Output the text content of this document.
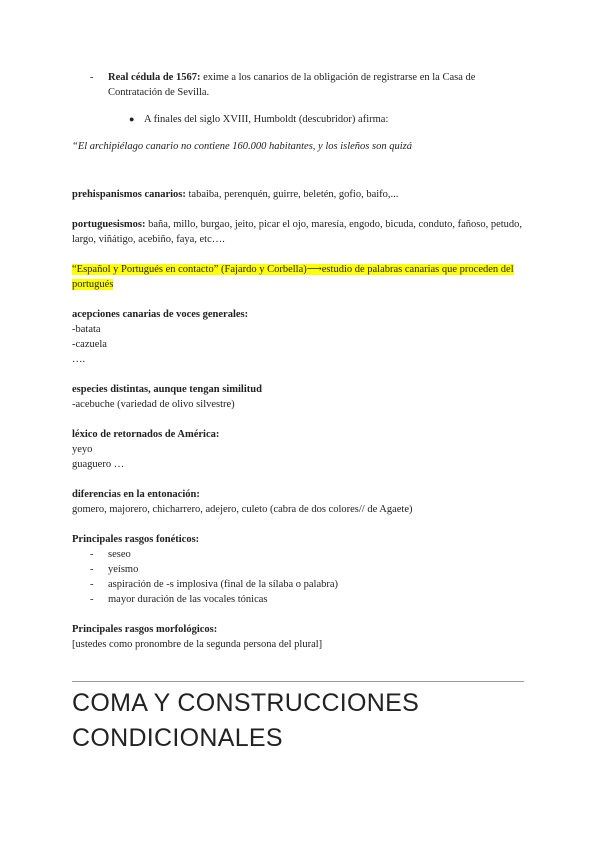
- Real cédula de 1567: exime a los canarios de la obligación de registrarse en la Casa de Contratación de Sevilla.
● A finales del siglo XVIII, Humboldt (descubridor) afirma:
“El archipiélago canario no contiene 160.000 habitantes, y los isleños son quizá

prehispanismos canarios: tabaiba, perenquén, guirre, beletén, gofio, baifo,...

portuguesismos: baña, millo, burgao, jeito, picar el ojo, maresía, engodo, bicuda, conduto, fañoso, petudo, largo, viñátigo, acebiño, faya, etc….

“Español y Portugués en contacto” (Fajardo y Corbella)⟶estudio de palabras canarias que proceden del portugués

acepciones canarias de voces generales:
-batata
-cazuela
….
especies distintas, aunque tengan similitud
-acebuche (variedad de olivo silvestre)
léxico de retornados de América:
yeyo
guaguero …
diferencias en la entonación:
gomero, majorero, chicharrero, adejero, culeto (cabra de dos colores// de Agaete)
Principales rasgos fonéticos:
- seseo
- yeísmo
- aspiración de -s implosiva (final de la sílaba o palabra)
- mayor duración de las vocales tónicas
Principales rasgos morfológicos:
[ustedes como pronombre de la segunda persona del plural]
COMA Y CONSTRUCCIONES CONDICIONALES
